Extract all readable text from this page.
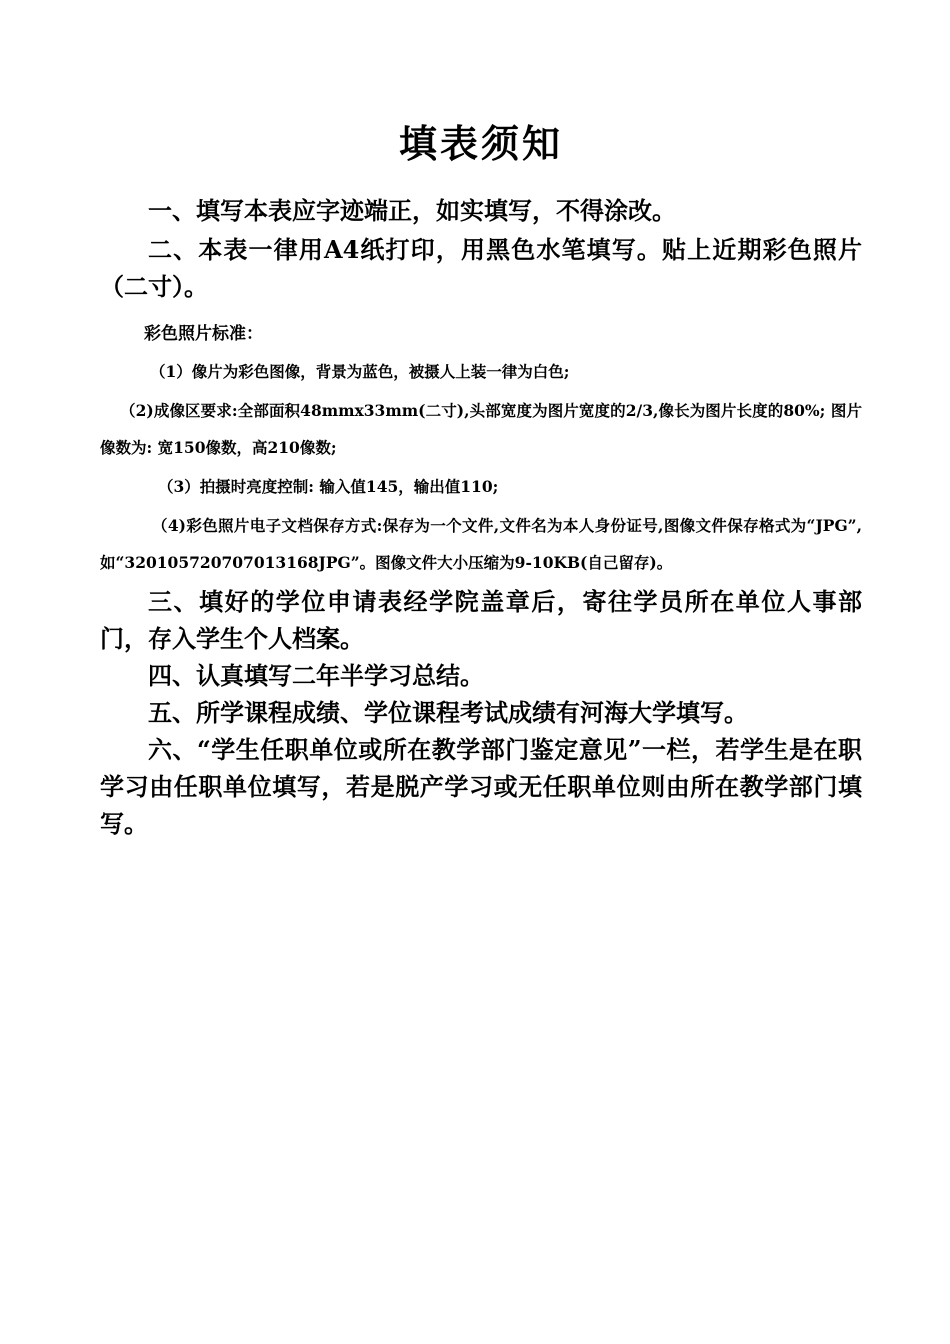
填表须知

一、填写本表应字迹端正，如实填写，不得涂改。

二、本表一律用A4纸打印，用黑色水笔填写。贴上近期彩色照片（二寸）。

彩色照片标准：

（1）像片为彩色图像，背景为蓝色，被摄人上装一律为白色;

（2)成像区要求:全部面积48mmx33mm(二寸),头部宽度为图片宽度的2/3,像长为图片长度的80%; 图片像数为: 宽150像数，高210像数;

（3）拍摄时亮度控制: 输入值145，输出值110;

（4)彩色照片电子文档保存方式:保存为一个文件,文件名为本人身份证号,图像文件保存格式为“JPG”,如“320105720707013168JPG”。图像文件大小压缩为9-10KB(自己留存)。

三、填好的学位申请表经学院盖章后，寄往学员所在单位人事部门，存入学生个人档案。

四、认真填写二年半学习总结。

五、所学课程成绩、学位课程考试成绩有河海大学填写。

六、“学生任职单位或所在教学部门鉴定意见”一栏，若学生是在职学习由任职单位填写，若是脱产学习或无任职单位则由所在教学部门填写。
